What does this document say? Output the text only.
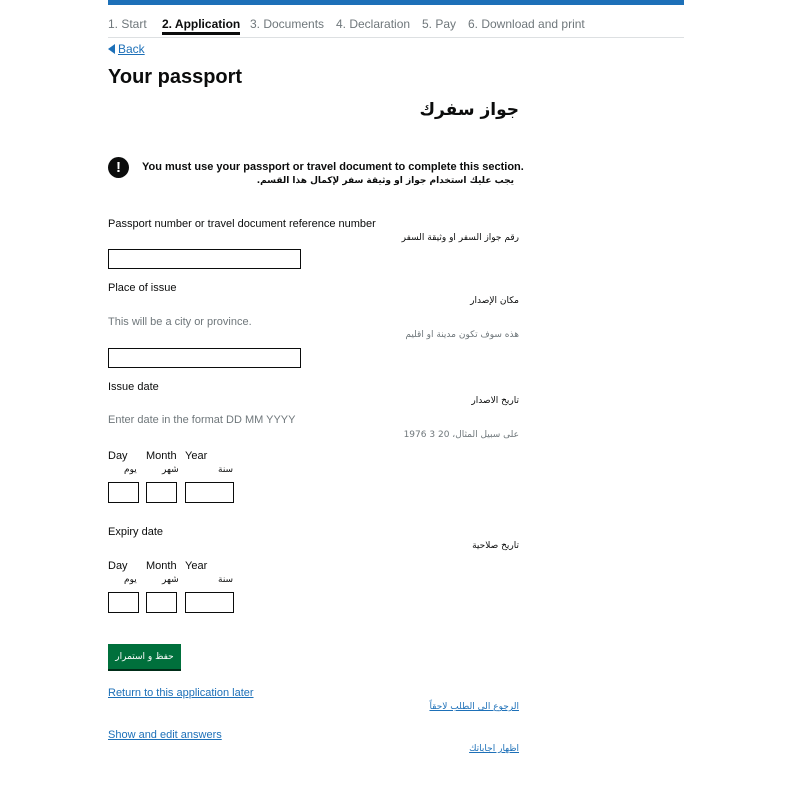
1. Start 2. Application 3. Documents 4. Declaration 5. Pay 6. Download and print
Back
Your passport
جواز سفرك
!	You must use your passport or travel document to complete this section.
يجب عليك استخدام جواز او وثيقة سفر لإكمال هذا القسم.
Passport number or travel document reference number
رقم جواز السفر او وثيقة السفر
Place of issue
مكان الإصدار
This will be a city or province.
هذه سوف تكون مدينة او اقليم
Issue date
تاريخ الاصدار
Enter date in the format DD MM YYYY
على سبيل المثال، 20 3 1976
Day Month Year
يوم	شهر	سنة
Expiry date
تاريخ صلاحية
Day Month Year
يوم	شهر	سنة
حفظ و استمرار
Return to this application later
الرجوع الى الطلب لاحقاً
Show and edit answers
اظهار اجاباتك
